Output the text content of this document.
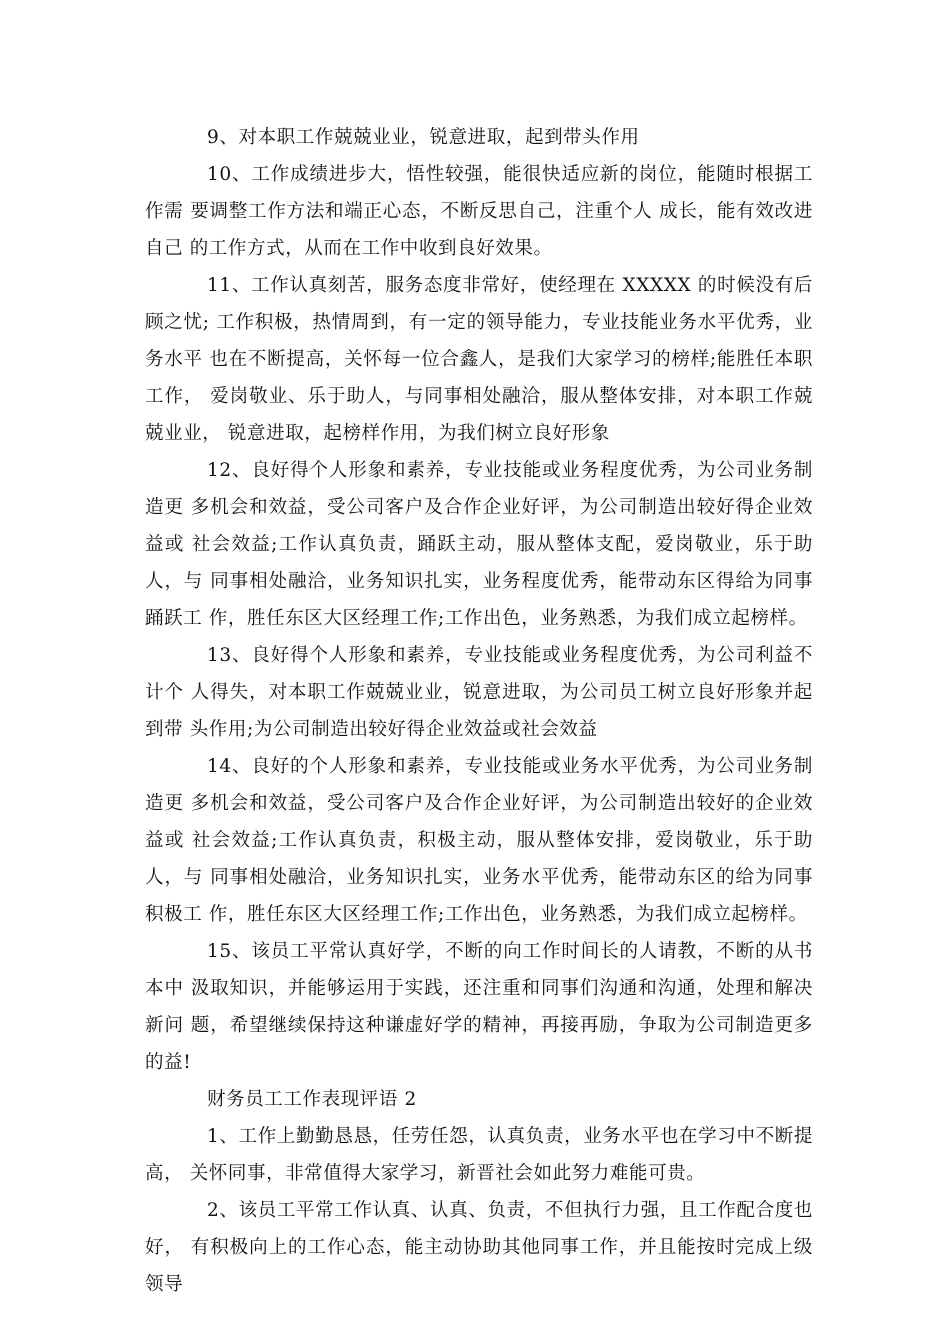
9、对本职工作兢兢业业，锐意进取，起到带头作用
10、工作成绩进步大，悟性较强，能很快适应新的岗位，能随时根据工作需 要调整工作方法和端正心态，不断反思自己，注重个人 成长，能有效改进自己 的工作方式，从而在工作中收到良好效果。
11、工作认真刻苦，服务态度非常好，使经理在 XXXXX 的时候没有后顾之忧; 工作积极，热情周到，有一定的领导能力，专业技能业务水平优秀，业务水平 也在不断提高，关怀每一位合鑫人，是我们大家学习的榜样;能胜任本职工作， 爱岗敬业、乐于助人，与同事相处融洽，服从整体安排，对本职工作兢兢业业， 锐意进取，起榜样作用，为我们树立良好形象
12、良好得个人形象和素养，专业技能或业务程度优秀，为公司业务制造更 多机会和效益，受公司客户及合作企业好评，为公司制造出较好得企业效益或 社会效益;工作认真负责，踊跃主动，服从整体支配，爱岗敬业，乐于助人，与 同事相处融洽，业务知识扎实，业务程度优秀，能带动东区得给为同事踊跃工 作，胜任东区大区经理工作;工作出色，业务熟悉，为我们成立起榜样。
13、良好得个人形象和素养，专业技能或业务程度优秀，为公司利益不计个 人得失，对本职工作兢兢业业，锐意进取，为公司员工树立良好形象并起到带 头作用;为公司制造出较好得企业效益或社会效益
14、良好的个人形象和素养，专业技能或业务水平优秀，为公司业务制造更 多机会和效益，受公司客户及合作企业好评，为公司制造出较好的企业效益或 社会效益;工作认真负责，积极主动，服从整体安排，爱岗敬业，乐于助人，与 同事相处融洽，业务知识扎实，业务水平优秀，能带动东区的给为同事积极工 作，胜任东区大区经理工作;工作出色，业务熟悉，为我们成立起榜样。
15、该员工平常认真好学，不断的向工作时间长的人请教，不断的从书本中 汲取知识，并能够运用于实践，还注重和同事们沟通和沟通，处理和解决新问 题，希望继续保持这种谦虚好学的精神，再接再励，争取为公司制造更多的益!
财务员工工作表现评语 2
1、工作上勤勤恳恳，任劳任怨，认真负责，业务水平也在学习中不断提高， 关怀同事，非常值得大家学习，新晋社会如此努力难能可贵。
2、该员工平常工作认真、认真、负责，不但执行力强，且工作配合度也好， 有积极向上的工作心态，能主动协助其他同事工作，并且能按时完成上级领导
